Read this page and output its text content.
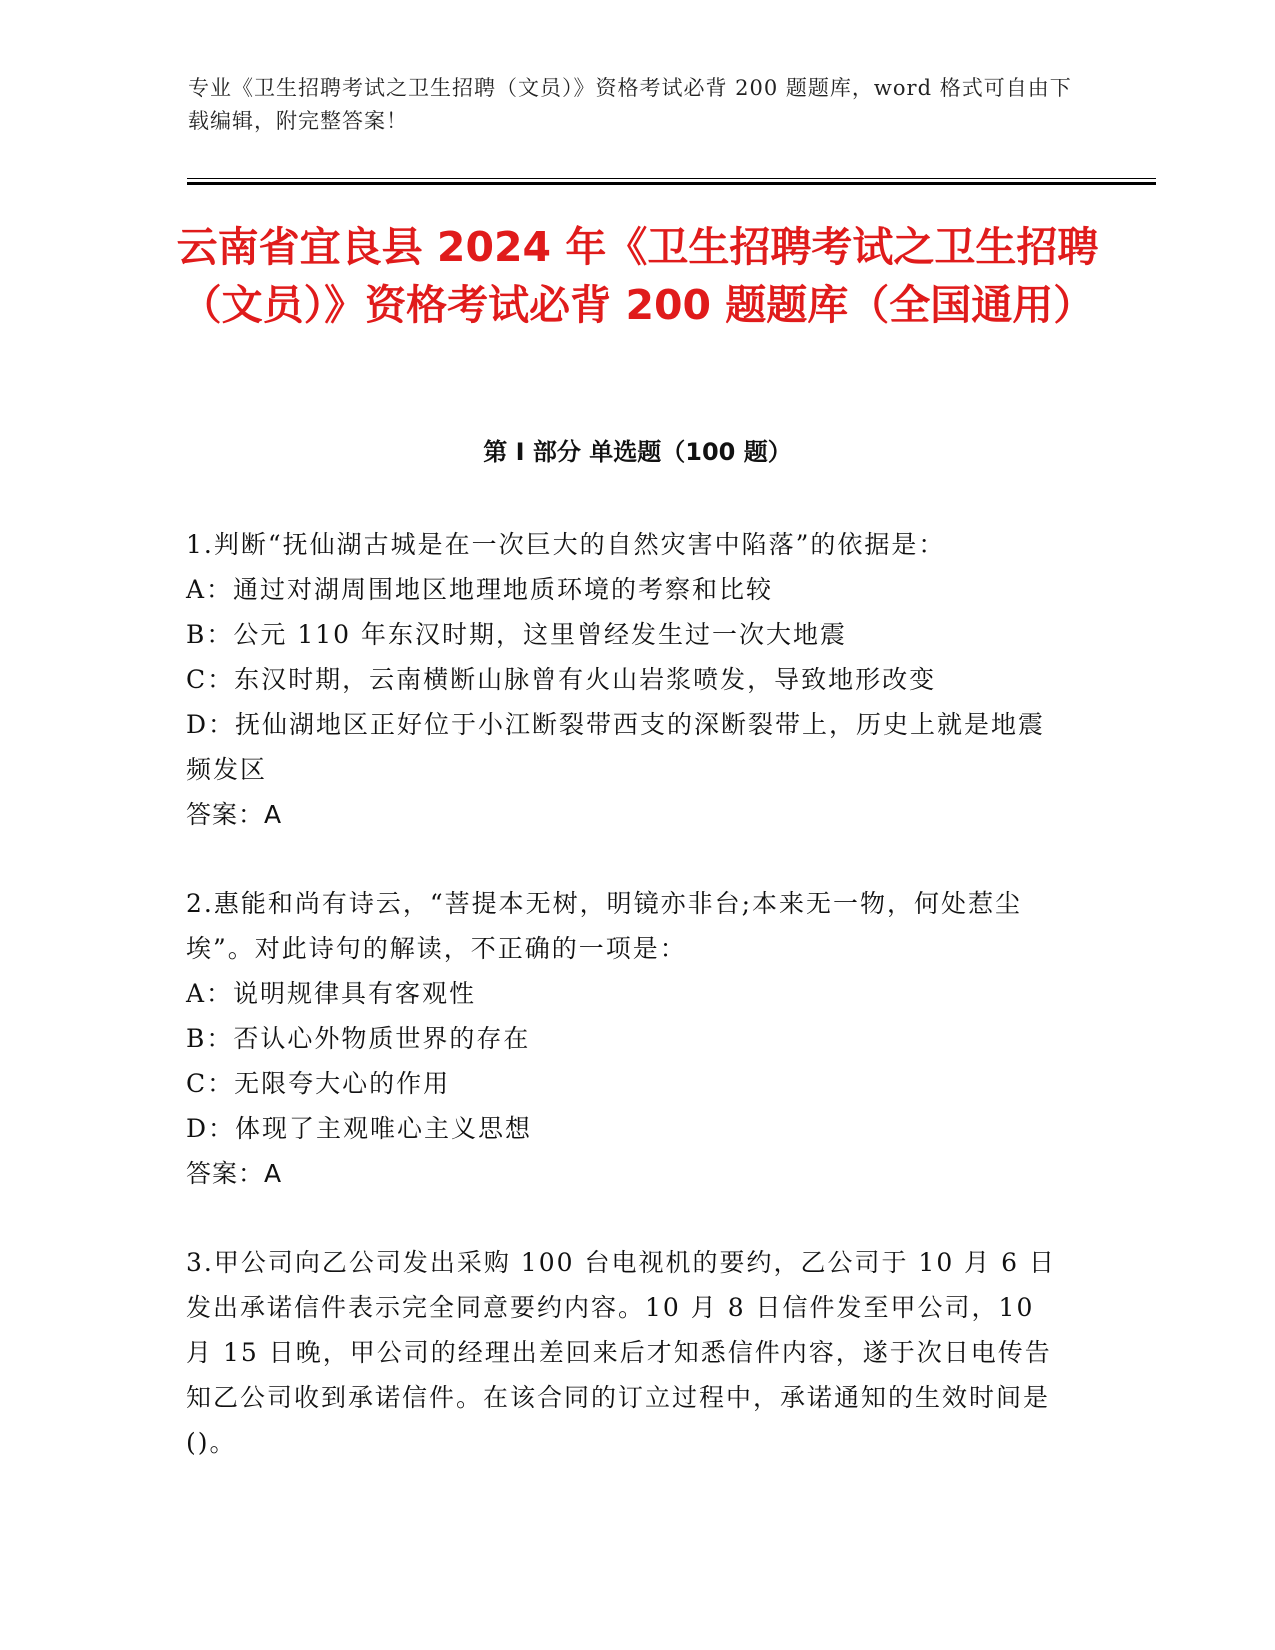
专业《卫生招聘考试之卫生招聘（文员）》资格考试必背 200 题题库，word 格式可自由下载编辑，附完整答案！
云南省宜良县 2024 年《卫生招聘考试之卫生招聘（文员）》资格考试必背 200 题题库（全国通用）
第 I 部分 单选题（100 题）
1.判断“抚仙湖古城是在一次巨大的自然灾害中陷落”的依据是：
A：通过对湖周围地区地理地质环境的考察和比较
B：公元 110 年东汉时期，这里曾经发生过一次大地震
C：东汉时期，云南横断山脉曾有火山岩浆喷发，导致地形改变
D：抚仙湖地区正好位于小江断裂带西支的深断裂带上，历史上就是地震频发区
答案：A
2.惠能和尚有诗云，“菩提本无树，明镜亦非台;本来无一物，何处惹尘埃”。对此诗句的解读，不正确的一项是：
A：说明规律具有客观性
B：否认心外物质世界的存在
C：无限夸大心的作用
D：体现了主观唯心主义思想
答案：A
3.甲公司向乙公司发出采购 100 台电视机的要约，乙公司于 10 月 6 日发出承诺信件表示完全同意要约内容。10 月 8 日信件发至甲公司，10 月 15 日晚，甲公司的经理出差回来后才知悉信件内容，遂于次日电传告知乙公司收到承诺信件。在该合同的订立过程中，承诺通知的生效时间是()。
